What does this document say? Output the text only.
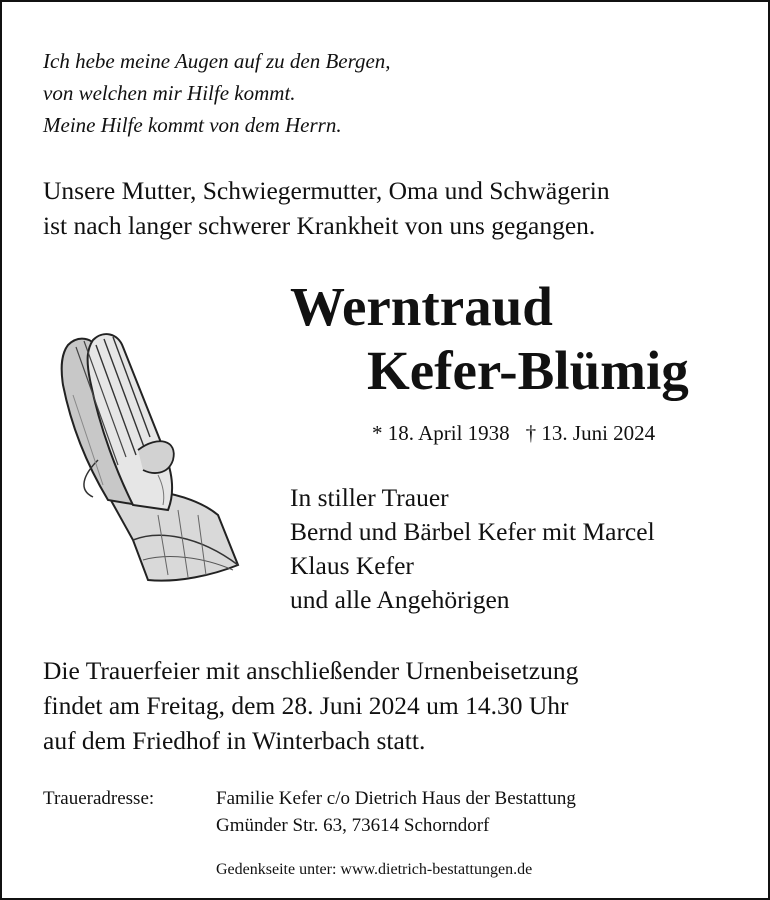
Ich hebe meine Augen auf zu den Bergen,
von welchen mir Hilfe kommt.
Meine Hilfe kommt von dem Herrn.
Unsere Mutter, Schwiegermutter, Oma und Schwägerin
ist nach langer schwerer Krankheit von uns gegangen.
Werntraud
Kefer-Blümig
* 18. April 1938 † 13. Juni 2024
In stiller Trauer
Bernd und Bärbel Kefer mit Marcel
Klaus Kefer
und alle Angehörigen
Die Trauerfeier mit anschließender Urnenbeisetzung
findet am Freitag, dem 28. Juni 2024 um 14.30 Uhr
auf dem Friedhof in Winterbach statt.
Traueradresse:	Familie Kefer c/o Dietrich Haus der Bestattung
Gmünder Str. 63, 73614 Schorndorf
Gedenkseite unter: www.dietrich-bestattungen.de
